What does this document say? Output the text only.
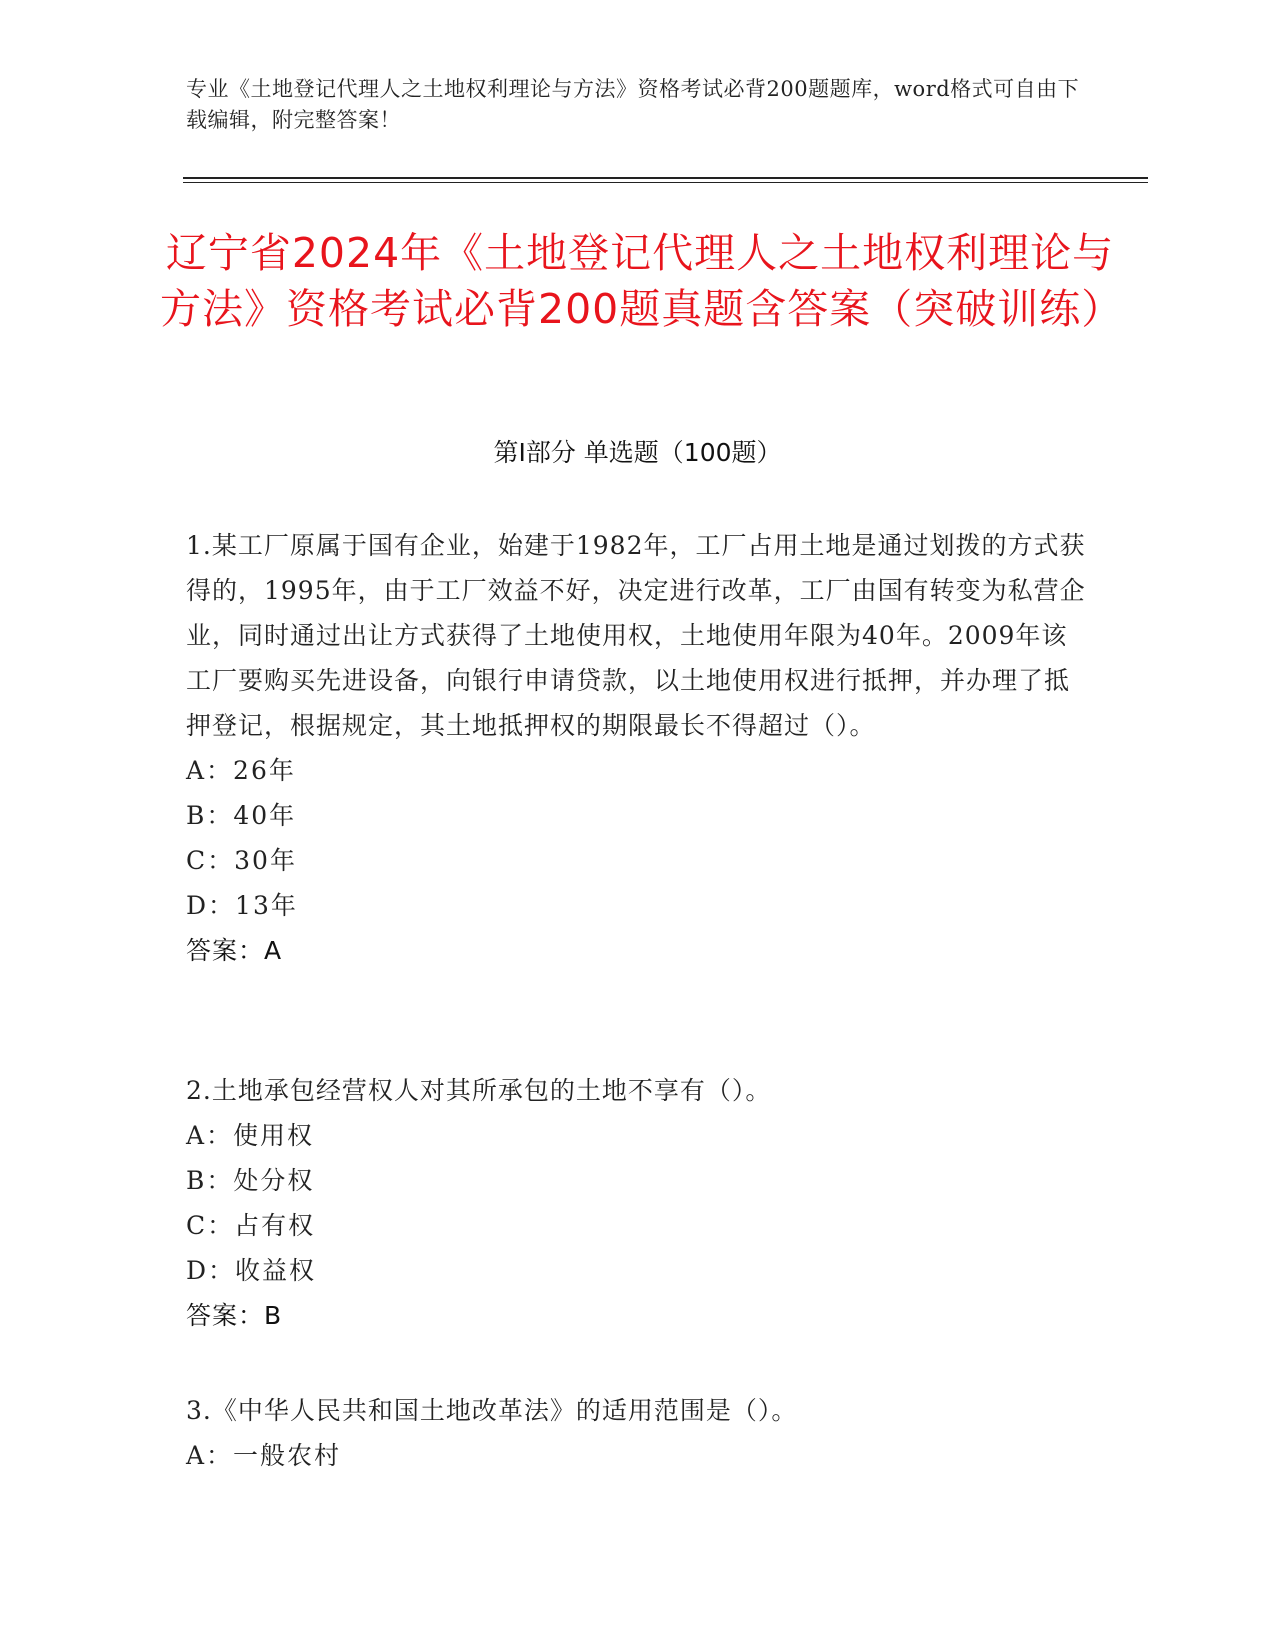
专业《土地登记代理人之土地权利理论与方法》资格考试必背200题题库，word格式可自由下载编辑，附完整答案！
辽宁省2024年《土地登记代理人之土地权利理论与方法》资格考试必背200题真题含答案（突破训练）
第Ⅰ部分 单选题（100题）

1.某工厂原属于国有企业，始建于1982年，工厂占用土地是通过划拨的方式获得的，1995年，由于工厂效益不好，决定进行改革，工厂由国有转变为私营企业，同时通过出让方式获得了土地使用权，土地使用年限为40年。2009年该工厂要购买先进设备，向银行申请贷款，以土地使用权进行抵押，并办理了抵押登记，根据规定，其土地抵押权的期限最长不得超过（）。

A：26年

B：40年

C：30年

D：13年

答案：A

2.土地承包经营权人对其所承包的土地不享有（）。

A：使用权

B：处分权

C：占有权

D：收益权

答案：B

3.《中华人民共和国土地改革法》的适用范围是（）。

A：一般农村
